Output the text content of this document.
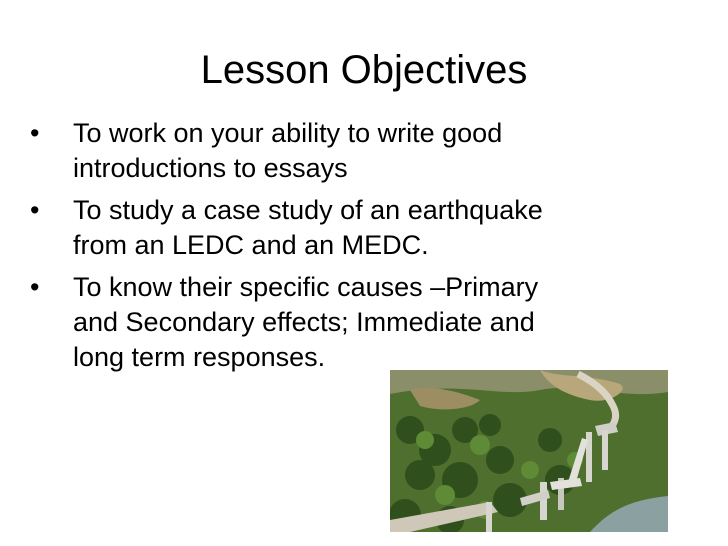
Lesson Objectives
•	To work on your ability to write good
introductions to essays
•	To study a case study of an earthquake
from an LEDC and an MEDC.
•	To know their specific causes –Primary
and Secondary effects; Immediate and
long term responses.
